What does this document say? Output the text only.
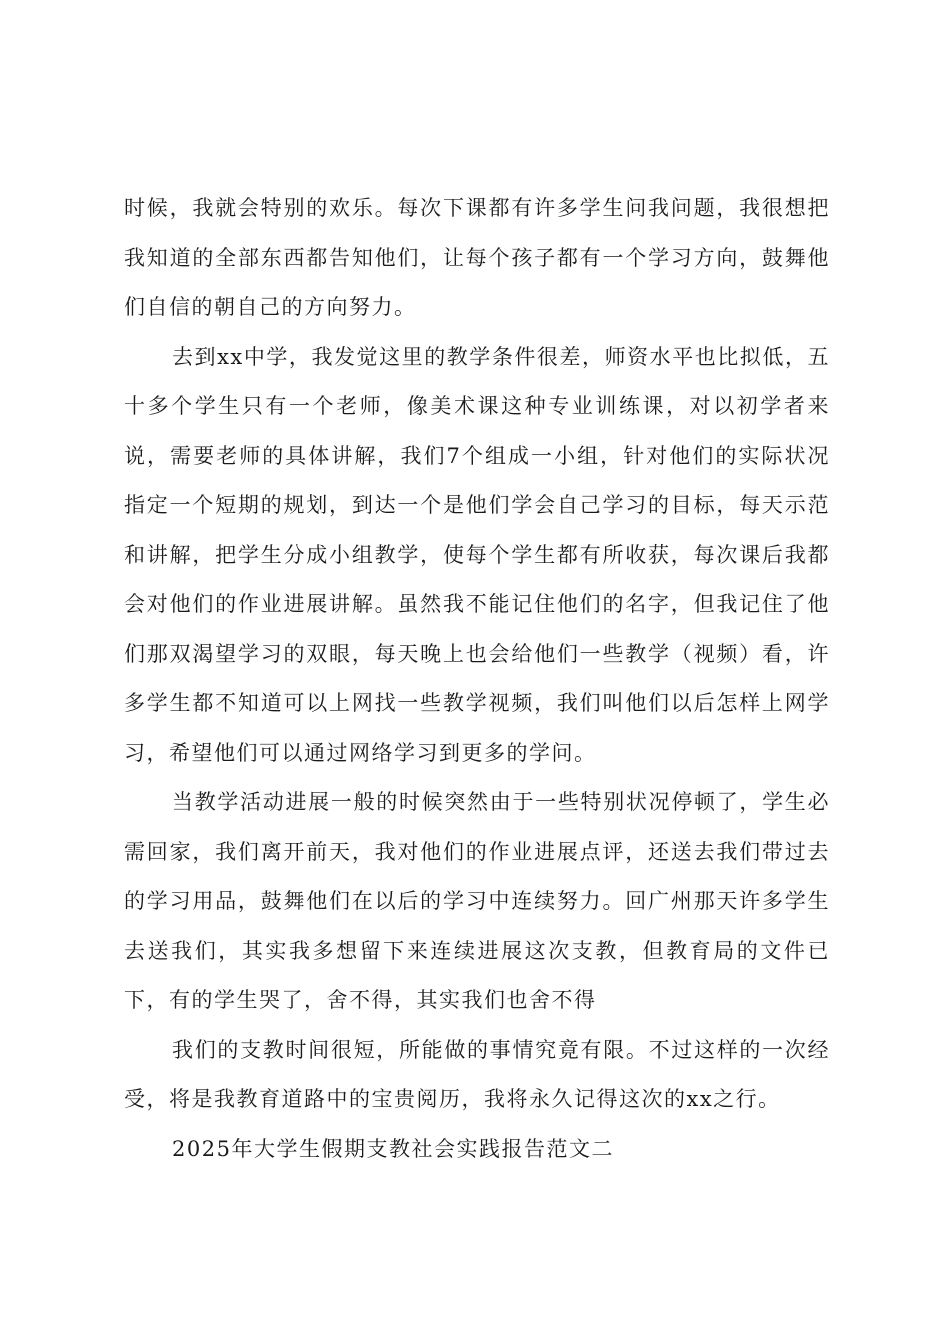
时候，我就会特别的欢乐。每次下课都有许多学生问我问题，我很想把我知道的全部东西都告知他们，让每个孩子都有一个学习方向，鼓舞他们自信的朝自己的方向努力。

去到xx中学，我发觉这里的教学条件很差，师资水平也比拟低，五十多个学生只有一个老师，像美术课这种专业训练课，对以初学者来说，需要老师的具体讲解，我们7个组成一小组，针对他们的实际状况指定一个短期的规划，到达一个是他们学会自己学习的目标，每天示范和讲解，把学生分成小组教学，使每个学生都有所收获，每次课后我都会对他们的作业进展讲解。虽然我不能记住他们的名字，但我记住了他们那双渴望学习的双眼，每天晚上也会给他们一些教学（视频）看，许多学生都不知道可以上网找一些教学视频，我们叫他们以后怎样上网学习，希望他们可以通过网络学习到更多的学问。

当教学活动进展一般的时候突然由于一些特别状况停顿了，学生必需回家，我们离开前天，我对他们的作业进展点评，还送去我们带过去的学习用品，鼓舞他们在以后的学习中连续努力。回广州那天许多学生去送我们，其实我多想留下来连续进展这次支教，但教育局的文件已下，有的学生哭了，舍不得，其实我们也舍不得

我们的支教时间很短，所能做的事情究竟有限。不过这样的一次经受，将是我教育道路中的宝贵阅历，我将永久记得这次的xx之行。

2025年大学生假期支教社会实践报告范文二
